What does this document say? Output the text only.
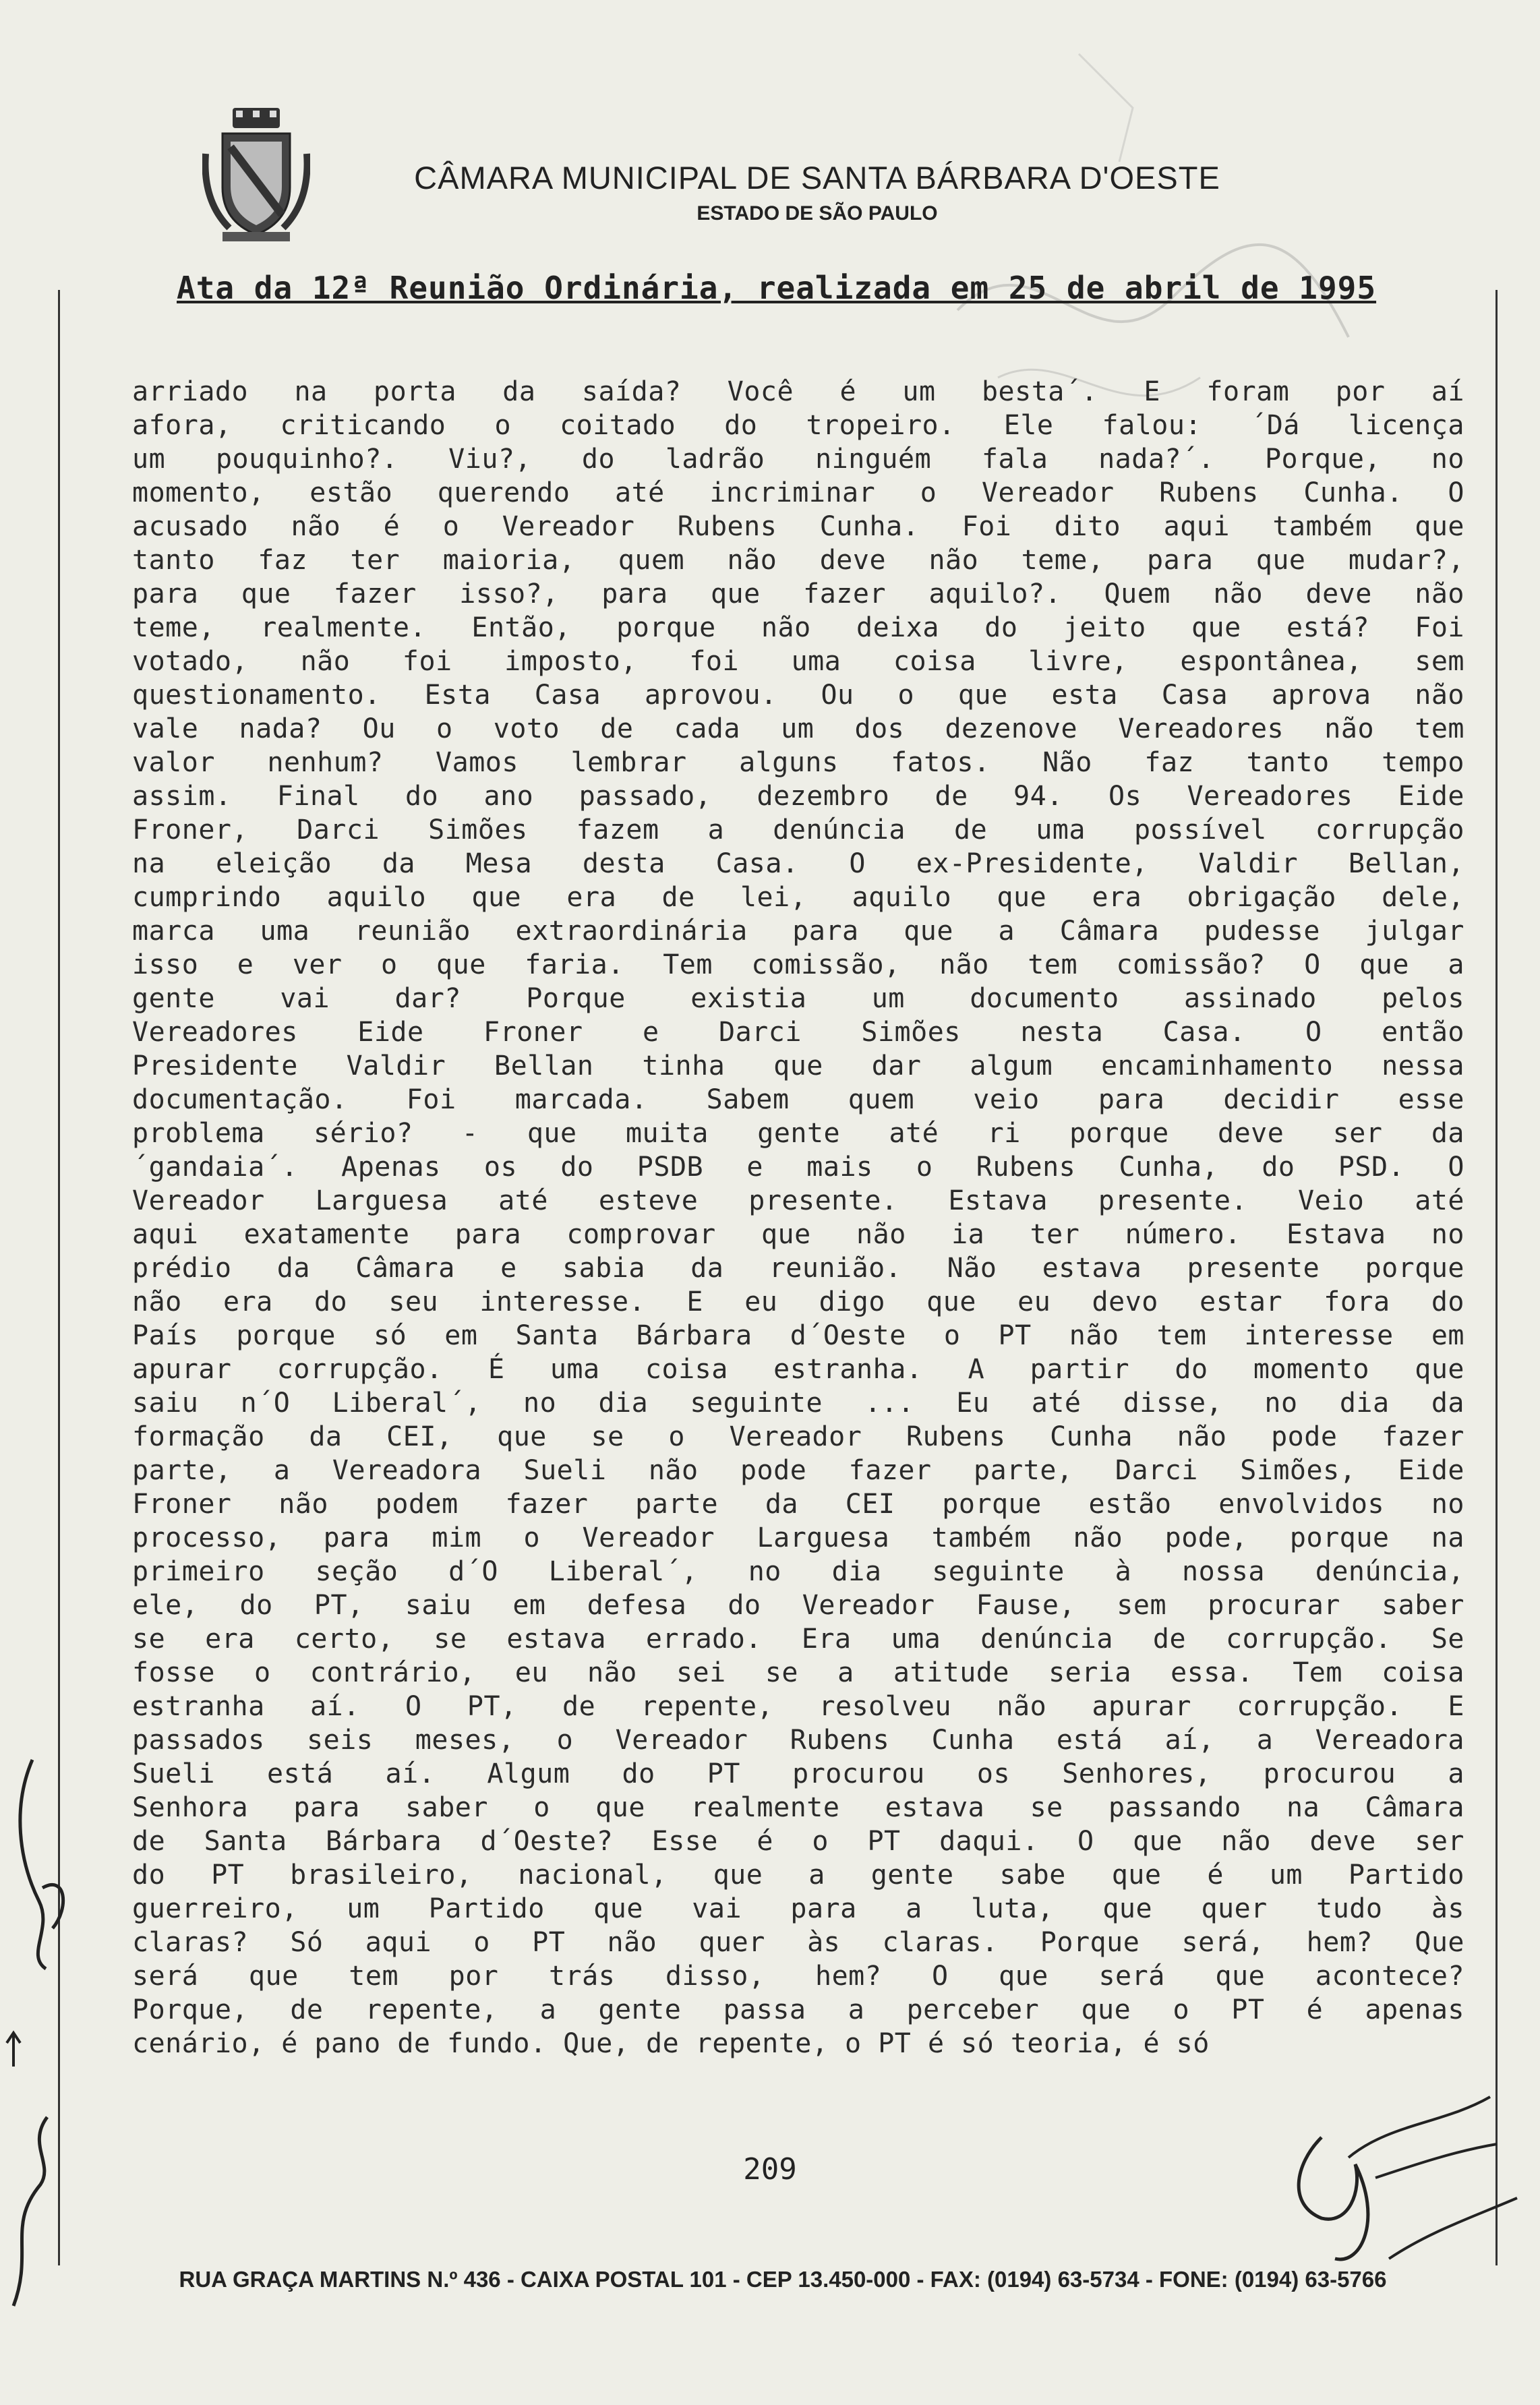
CÂMARA MUNICIPAL DE SANTA BÁRBARA D'OESTE
ESTADO DE SÃO PAULO
Ata da 12ª Reunião Ordinária, realizada em 25 de abril de 1995
arriado na porta da saída? Você é um besta´. E foram por aí
afora, criticando o coitado do tropeiro. Ele falou: ´Dá licença
um pouquinho?. Viu?, do ladrão ninguém fala nada?´. Porque, no
momento, estão querendo até incriminar o Vereador Rubens Cunha. O
acusado não é o Vereador Rubens Cunha. Foi dito aqui também que
tanto faz ter maioria, quem não deve não teme, para que mudar?,
para que fazer isso?, para que fazer aquilo?. Quem não deve não
teme, realmente. Então, porque não deixa do jeito que está? Foi
votado, não foi imposto, foi uma coisa livre, espontânea, sem
questionamento. Esta Casa aprovou. Ou o que esta Casa aprova não
vale nada? Ou o voto de cada um dos dezenove Vereadores não tem
valor nenhum? Vamos lembrar alguns fatos. Não faz tanto tempo
assim. Final do ano passado, dezembro de 94. Os Vereadores Eide
Froner, Darci Simões fazem a denúncia de uma possível corrupção
na eleição da Mesa desta Casa. O ex-Presidente, Valdir Bellan,
cumprindo aquilo que era de lei, aquilo que era obrigação dele,
marca uma reunião extraordinária para que a Câmara pudesse julgar
isso e ver o que faria. Tem comissão, não tem comissão? O que a
gente vai dar? Porque existia um documento assinado pelos
Vereadores Eide Froner e Darci Simões nesta Casa. O então
Presidente Valdir Bellan tinha que dar algum encaminhamento nessa
documentação. Foi marcada. Sabem quem veio para decidir esse
problema sério? - que muita gente até ri porque deve ser da
´gandaia´. Apenas os do PSDB e mais o Rubens Cunha, do PSD. O
Vereador Larguesa até esteve presente. Estava presente. Veio até
aqui exatamente para comprovar que não ia ter número. Estava no
prédio da Câmara e sabia da reunião. Não estava presente porque
não era do seu interesse. E eu digo que eu devo estar fora do
País porque só em Santa Bárbara d´Oeste o PT não tem interesse em
apurar corrupção. É uma coisa estranha. A partir do momento que
saiu n´O Liberal´, no dia seguinte ... Eu até disse, no dia da
formação da CEI, que se o Vereador Rubens Cunha não pode fazer
parte, a Vereadora Sueli não pode fazer parte, Darci Simões, Eide
Froner não podem fazer parte da CEI porque estão envolvidos no
processo, para mim o Vereador Larguesa também não pode, porque na
primeiro seção d´O Liberal´, no dia seguinte à nossa denúncia,
ele, do PT, saiu em defesa do Vereador Fause, sem procurar saber
se era certo, se estava errado. Era uma denúncia de corrupção. Se
fosse o contrário, eu não sei se a atitude seria essa. Tem coisa
estranha aí. O PT, de repente, resolveu não apurar corrupção. E
passados seis meses, o Vereador Rubens Cunha está aí, a Vereadora
Sueli está aí. Algum do PT procurou os Senhores, procurou a
Senhora para saber o que realmente estava se passando na Câmara
de Santa Bárbara d´Oeste? Esse é o PT daqui. O que não deve ser
do PT brasileiro, nacional, que a gente sabe que é um Partido
guerreiro, um Partido que vai para a luta, que quer tudo às
claras? Só aqui o PT não quer às claras. Porque será, hem? Que
será que tem por trás disso, hem? O que será que acontece?
Porque, de repente, a gente passa a perceber que o PT é apenas
cenário, é pano de fundo. Que, de repente, o PT é só teoria, é só
209
RUA GRAÇA MARTINS N.º 436 - CAIXA POSTAL 101 - CEP 13.450-000 - FAX: (0194) 63-5734 - FONE: (0194) 63-5766
